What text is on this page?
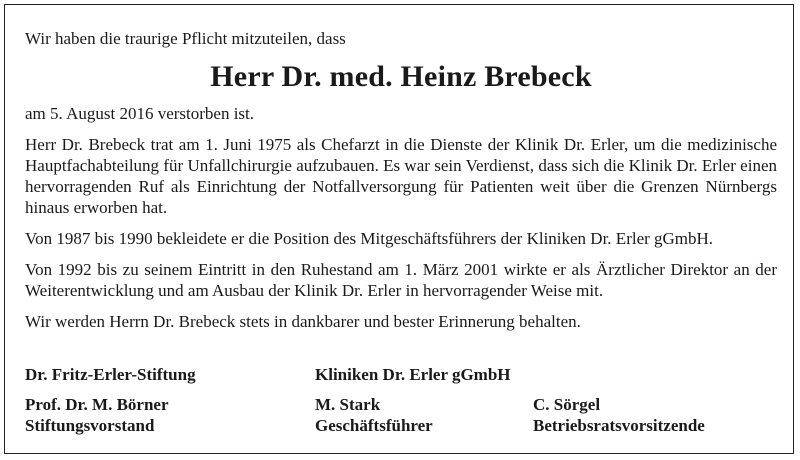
Wir haben die traurige Pflicht mitzuteilen, dass

Herr Dr. med. Heinz Brebeck

am 5. August 2016 verstorben ist.

Herr Dr. Brebeck trat am 1. Juni 1975 als Chefarzt in die Dienste der Klinik Dr. Erler, um die medizinische Hauptfachabteilung für Unfallchirurgie aufzubauen. Es war sein Verdienst, dass sich die Klinik Dr. Erler einen hervorragenden Ruf als Einrichtung der Notfallversorgung für Patienten weit über die Grenzen Nürnbergs hinaus erworben hat.

Von 1987 bis 1990 bekleidete er die Position des Mitgeschäftsführers der Kliniken Dr. Erler gGmbH.

Von 1992 bis zu seinem Eintritt in den Ruhestand am 1. März 2001 wirkte er als Ärztlicher Direktor an der Weiterentwicklung und am Ausbau der Klinik Dr. Erler in hervorragender Weise mit.

Wir werden Herrn Dr. Brebeck stets in dankbarer und bester Erinnerung behalten.

Dr. Fritz-Erler-Stiftung	Kliniken Dr. Erler gGmbH
Prof. Dr. M. Börner	M. Stark	C. Sörgel
Stiftungsvorstand	Geschäftsführer	Betriebsratsvorsitzende
